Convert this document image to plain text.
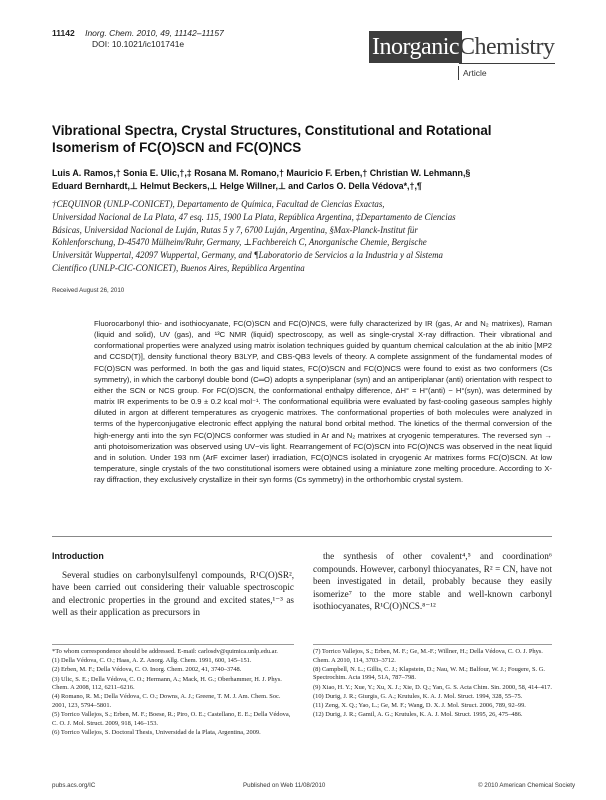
11142 Inorg. Chem. 2010, 49, 11142–11157
DOI: 10.1021/ic101741e	Inorganic Chemistry
Article
Vibrational Spectra, Crystal Structures, Constitutional and Rotational Isomerism of FC(O)SCN and FC(O)NCS
Luis A. Ramos,† Sonia E. Ulic,†,‡ Rosana M. Romano,† Mauricio F. Erben,† Christian W. Lehmann,§
Eduard Bernhardt,⊥ Helmut Beckers,⊥ Helge Willner,⊥ and Carlos O. Della Védova*,†,¶
†CEQUINOR (UNLP-CONICET), Departamento de Química, Facultad de Ciencias Exactas,
Universidad Nacional de La Plata, 47 esq. 115, 1900 La Plata, República Argentina, ‡Departamento de Ciencias
Básicas, Universidad Nacional de Luján, Rutas 5 y 7, 6700 Luján, Argentina, §Max-Planck-Institut für
Kohlenforschung, D-45470 Mülheim/Ruhr, Germany, ⊥Fachbereich C, Anorganische Chemie, Bergische
Universität Wuppertal, 42097 Wuppertal, Germany, and ¶Laboratorio de Servicios a la Industria y al Sistema
Científico (UNLP-CIC-CONICET), Buenos Aires, República Argentina
Received August 26, 2010
Fluorocarbonyl thio- and isothiocyanate, FC(O)SCN and FC(O)NCS, were fully characterized by IR (gas, Ar and N₂ matrixes), Raman (liquid and solid), UV (gas), and ¹³C NMR (liquid) spectroscopy, as well as single-crystal X-ray diffraction. Their vibrational and conformational properties were analyzed using matrix isolation techniques guided by quantum chemical calculation at the ab initio [MP2 and CCSD(T)], density functional theory B3LYP, and CBS-QB3 levels of theory. A complete assignment of the fundamental modes of FC(O)SCN was performed. In both the gas and liquid states, FC(O)SCN and FC(O)NCS were found to exist as two conformers (Cs symmetry), in which the carbonyl double bond (C═O) adopts a synperiplanar (syn) and an antiperiplanar (anti) orientation with respect to either the SCN or NCS group. For FC(O)SCN, the conformational enthalpy difference, ΔH° = H°(anti) − H°(syn), was determined by matrix IR experiments to be 0.9 ± 0.2 kcal mol⁻¹. The conformational equilibria were evaluated by fast-cooling gaseous samples highly diluted in argon at different temperatures as cryogenic matrixes. The conformational properties of both molecules were analyzed in terms of the hyperconjugative electronic effect applying the natural bond orbital method. The kinetics of the thermal conversion of the high-energy anti into the syn FC(O)NCS conformer was studied in Ar and N₂ matrixes at cryogenic temperatures. The reversed syn → anti photoisomerization was observed using UV−vis light. Rearrangement of FC(O)SCN into FC(O)NCS was observed in the neat liquid and in solution. Under 193 nm (ArF excimer laser) irradiation, FC(O)NCS isolated in cryogenic Ar matrixes forms FC(O)SCN. At low temperature, single crystals of the two constitutional isomers were obtained using a miniature zone melting procedure. According to X-ray diffraction, they exclusively crystallize in their syn forms (Cs symmetry) in the orthorhombic crystal system.
Introduction

Several studies on carbonylsulfenyl compounds, R¹C(O)SR², have been carried out considering their valuable spectroscopic and electronic properties in the ground and excited states,¹⁻³ as well as their application as precursors in

the synthesis of other covalent⁴,⁵ and coordination⁶ compounds. However, carbonyl thiocyanates, R² = CN, have not been investigated in detail, probably because they easily isomerize⁷ to the more stable and well-known carbonyl isothiocyanates, R¹C(O)NCS.⁸⁻¹²

*To whom correspondence should be addressed. E-mail: carlosdv@quimica.unlp.edu.ar.

(1) Della Védova, C. O.; Haas, A. Z. Anorg. Allg. Chem. 1991, 600, 145–151.

(2) Erben, M. F.; Della Védova, C. O. Inorg. Chem. 2002, 41, 3740–3748.

(3) Ulic, S. E.; Della Védova, C. O.; Hermann, A.; Mack, H. G.; Oberhammer, H. J. Phys. Chem. A 2008, 112, 6211–6216.

(4) Romano, R. M.; Della Védova, C. O.; Downs, A. J.; Greene, T. M. J. Am. Chem. Soc. 2001, 123, 5794–5801.

(5) Torrico Vallejos, S.; Erben, M. F.; Boese, R.; Piro, O. E.; Castellano, E. E.; Della Védova, C. O. J. Mol. Struct. 2009, 918, 146–153.

(6) Torrico Vallejos, S. Doctoral Thesis, Universidad de la Plata, Argentina, 2009.

(7) Torrico Vallejos, S.; Erben, M. F.; Ge, M.-F.; Willner, H.; Della Védova, C. O. J. Phys. Chem. A 2010, 114, 3703–3712.

(8) Campbell, N. L.; Gillis, C. J.; Klapstein, D.; Nau, W. M.; Balfour, W. J.; Fougere, S. G. Spectrochim. Acta 1994, 51A, 787–798.

(9) Xiao, H. Y.; Xue, Y.; Xu, X. J.; Xie, D. Q.; Yan, G. S. Acta Chim. Sin. 2000, 58, 414–417.

(10) Durig, J. R.; Giurgis, G. A.; Krutules, K. A. J. Mol. Struct. 1994, 328, 55–75.

(11) Zeng, X. Q.; Yao, L.; Ge, M. F.; Wang, D. X. J. Mol. Struct. 2006, 789, 92–99.

(12) Durig, J. R.; Gamil, A. G.; Krutules, K. A. J. Mol. Struct. 1995, 26, 475–486.

pubs.acs.org/IC	Published on Web 11/08/2010	© 2010 American Chemical Society
